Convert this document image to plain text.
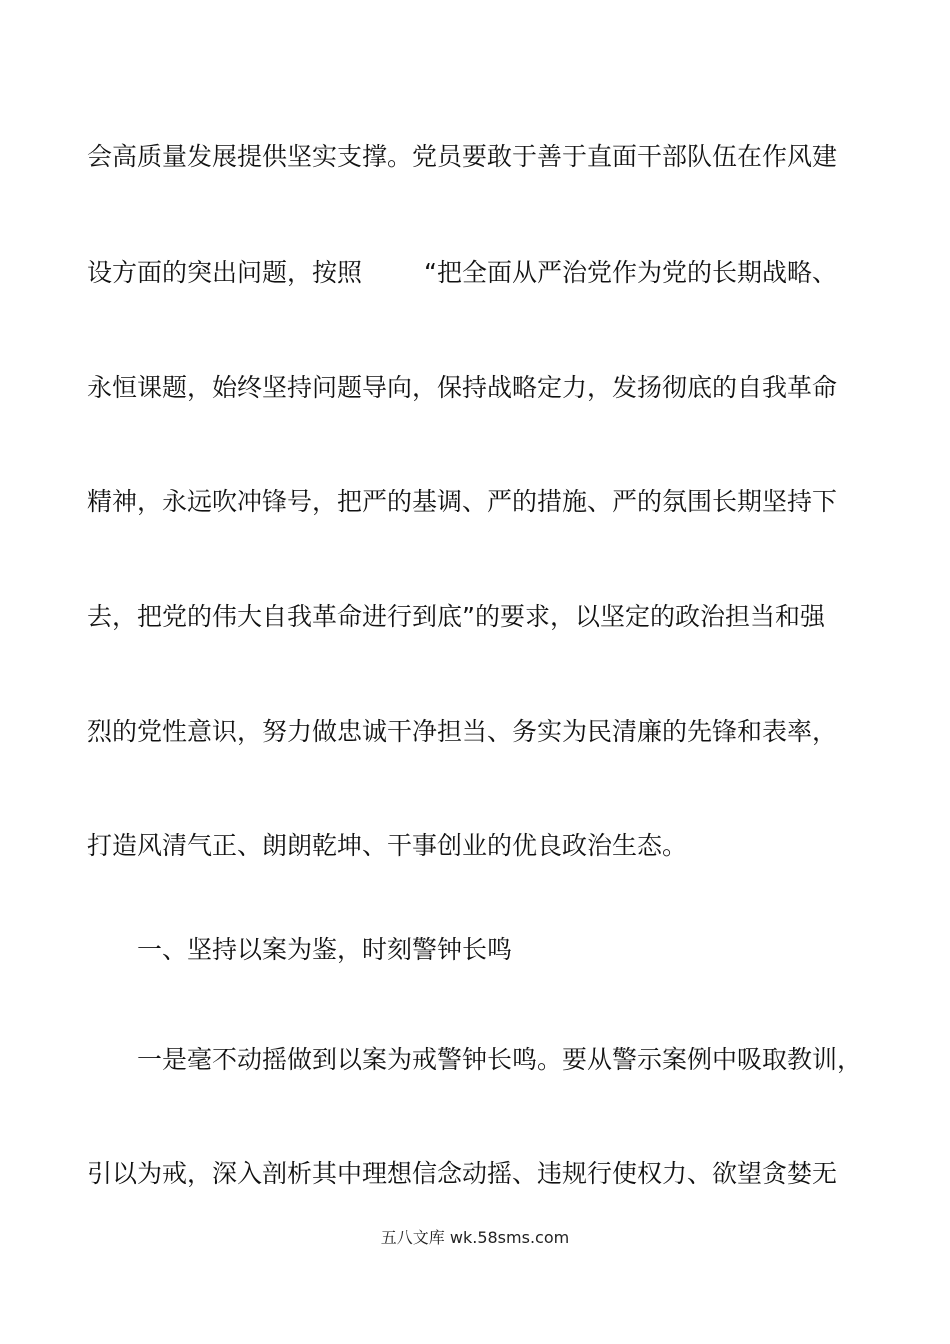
会高质量发展提供坚实支撑。党员要敢于善于直面干部队伍在作风建
设方面的突出问题，按照 “把全面从严治党作为党的长期战略、
永恒课题，始终坚持问题导向，保持战略定力，发扬彻底的自我革命
精神，永远吹冲锋号，把严的基调、严的措施、严的氛围长期坚持下
去，把党的伟大自我革命进行到底”的要求，以坚定的政治担当和强
烈的党性意识，努力做忠诚干净担当、务实为民清廉的先锋和表率，
打造风清气正、朗朗乾坤、干事创业的优良政治生态。
一、坚持以案为鉴，时刻警钟长鸣
一是毫不动摇做到以案为戒警钟长鸣。要从警示案例中吸取教训，
引以为戒，深入剖析其中理想信念动摇、违规行使权力、欲望贪婪无
五八文库 wk.58sms.com
